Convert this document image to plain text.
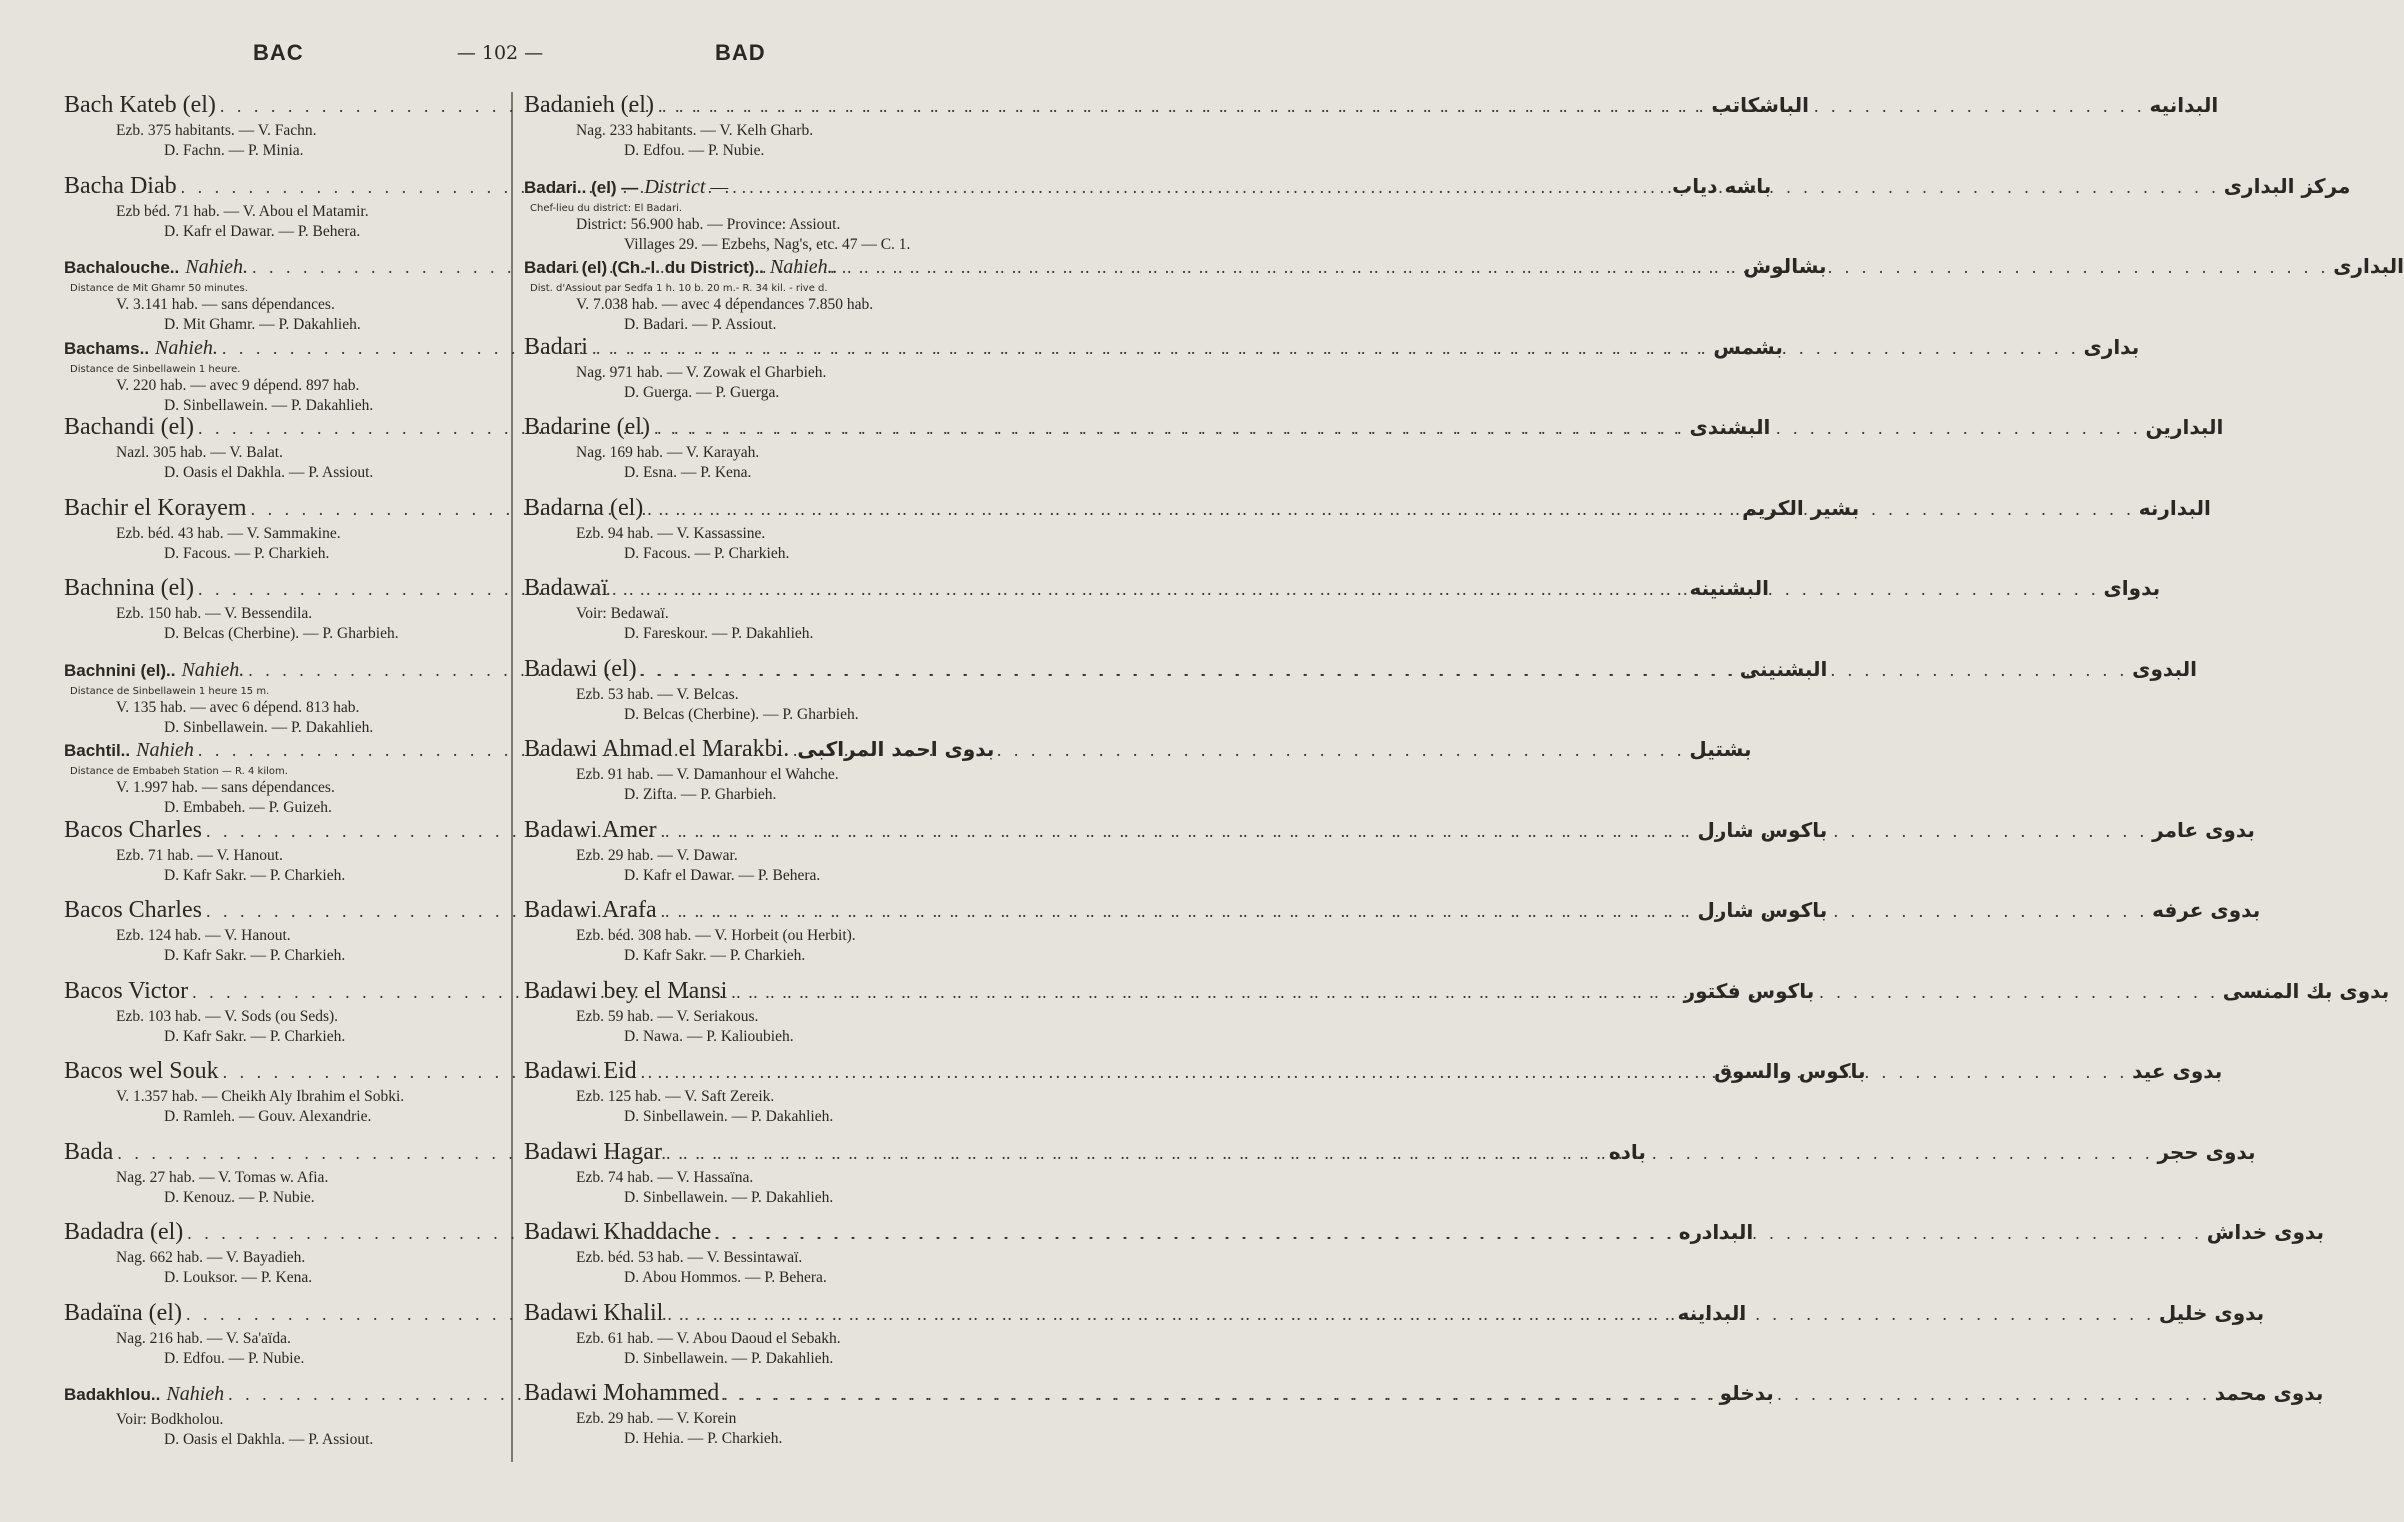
BAC	— 102 —	BAD
Bach Kateb (el) . . .	الباشكاتب
Ezb. 375 habitants. — V. Fachn.
D. Fachn. — P. Minia.
Bacha Diab . . .	باشه دياب
Ezb béd. 71 hab. — V. Abou el Matamir.
D. Kafr el Dawar. — P. Behera.
Bachalouche.. Nahieh. . . .	بشالوش
Distance de Mit Ghamr 50 minutes.
V. 3.141 hab. — sans dépendances.
D. Mit Ghamr. — P. Dakahlieh.
Bachams.. Nahieh. . . .	بشمس
Distance de Sinbellawein 1 heure.
V. 220 hab. — avec 9 dépend. 897 hab.
D. Sinbellawein. — P. Dakahlieh.
Bachandi (el) . . .	البشندى
Nazl. 305 hab. — V. Balat.
D. Oasis el Dakhla. — P. Assiout.
Bachir el Korayem . . .	بشير الكريم
Ezb. béd. 43 hab. — V. Sammakine.
D. Facous. — P. Charkieh.
Bachnina (el) . . .	البشنينه
Ezb. 150 hab. — V. Bessendila.
D. Belcas (Cherbine). — P. Gharbieh.
Bachnini (el).. Nahieh. . . .	البشنينى
Distance de Sinbellawein 1 heure 15 m.
V. 135 hab. — avec 6 dépend. 813 hab.
D. Sinbellawein. — P. Dakahlieh.
Bachtil.. Nahieh . . .	بشتيل
Distance de Embabeh Station — R. 4 kilom.
V. 1.997 hab. — sans dépendances.
D. Embabeh. — P. Guizeh.
Bacos Charles . . .	باكوس شارل
Ezb. 71 hab. — V. Hanout.
D. Kafr Sakr. — P. Charkieh.
Bacos Charles . . .	باكوس شارل
Ezb. 124 hab. — V. Hanout.
D. Kafr Sakr. — P. Charkieh.
Bacos Victor . . .	باكوس فكتور
Ezb. 103 hab. — V. Sods (ou Seds).
D. Kafr Sakr. — P. Charkieh.
Bacos wel Souk . . .	باكوس والسوق
V. 1.357 hab. — Cheikh Aly Ibrahim el Sobki.
D. Ramleh. — Gouv. Alexandrie.
Bada . . .	باده
Nag. 27 hab. — V. Tomas w. Afia.
D. Kenouz. — P. Nubie.
Badadra (el) . . .	البدادره
Nag. 662 hab. — V. Bayadieh.
D. Louksor. — P. Kena.
Badaïna (el) . . .	البداينه
Nag. 216 hab. — V. Sa'aïda.
D. Edfou. — P. Nubie.
Badakhlou.. Nahieh . . .	بدخلو
Voir: Bodkholou.
D. Oasis el Dakhla. — P. Assiout.
Badanieh (el) . . .	البدانيه
Nag. 233 habitants. — V. Kelh Gharb.
D. Edfou. — P. Nubie.
Badari.. (el) — District — . . .	مركز البدارى
Chef-lieu du district: El Badari.
District: 56.900 hab. — Province: Assiout.
Villages 29. — Ezbehs, Nag's, etc. 47 — C. 1.
Badari (el) (Ch.-l. du District).. Nahieh.. . . .	البدارى
Dist. d'Assiout par Sedfa 1 h. 10 b. 20 m.- R. 34 kil. - rive d.
V. 7.038 hab. — avec 4 dépendances 7.850 hab.
D. Badari. — P. Assiout.
Badari . . .	بدارى
Nag. 971 hab. — V. Zowak el Gharbieh.
D. Guerga. — P. Guerga.
Badarine (el) . . .	البدارين
Nag. 169 hab. — V. Karayah.
D. Esna. — P. Kena.
Badarna (el) . . .	البدارنه
Ezb. 94 hab. — V. Kassassine.
D. Facous. — P. Charkieh.
Badawaï . . .	بدواى
Voir: Bedawaï.
D. Fareskour. — P. Dakahlieh.
Badawi (el) . . .	البدوى
Ezb. 53 hab. — V. Belcas.
D. Belcas (Cherbine). — P. Gharbieh.
Badawi Ahmad el Marakbi. بدوى احمد المراكبى
Ezb. 91 hab. — V. Damanhour el Wahche.
D. Zifta. — P. Gharbieh.
Badawi Amer . . .	بدوى عامر
Ezb. 29 hab. — V. Dawar.
D. Kafr el Dawar. — P. Behera.
Badawi Arafa . . .	بدوى عرفه
Ezb. béd. 308 hab. — V. Horbeit (ou Herbit).
D. Kafr Sakr. — P. Charkieh.
Badawi bey el Mansi . . .	بدوى بك المنسى
Ezb. 59 hab. — V. Seriakous.
D. Nawa. — P. Kalioubieh.
Badawi Eid . . .	بدوى عيد
Ezb. 125 hab. — V. Saft Zereik.
D. Sinbellawein. — P. Dakahlieh.
Badawi Hagar . . .	بدوى حجر
Ezb. 74 hab. — V. Hassaïna.
D. Sinbellawein. — P. Dakahlieh.
Badawi Khaddache . . .	بدوى خداش
Ezb. béd. 53 hab. — V. Bessintawaï.
D. Abou Hommos. — P. Behera.
Badawi Khalil . . .	بدوى خليل
Ezb. 61 hab. — V. Abou Daoud el Sebakh.
D. Sinbellawein. — P. Dakahlieh.
Badawi Mohammed . . .	بدوى محمد
Ezb. 29 hab. — V. Korein
D. Hehia. — P. Charkieh.
